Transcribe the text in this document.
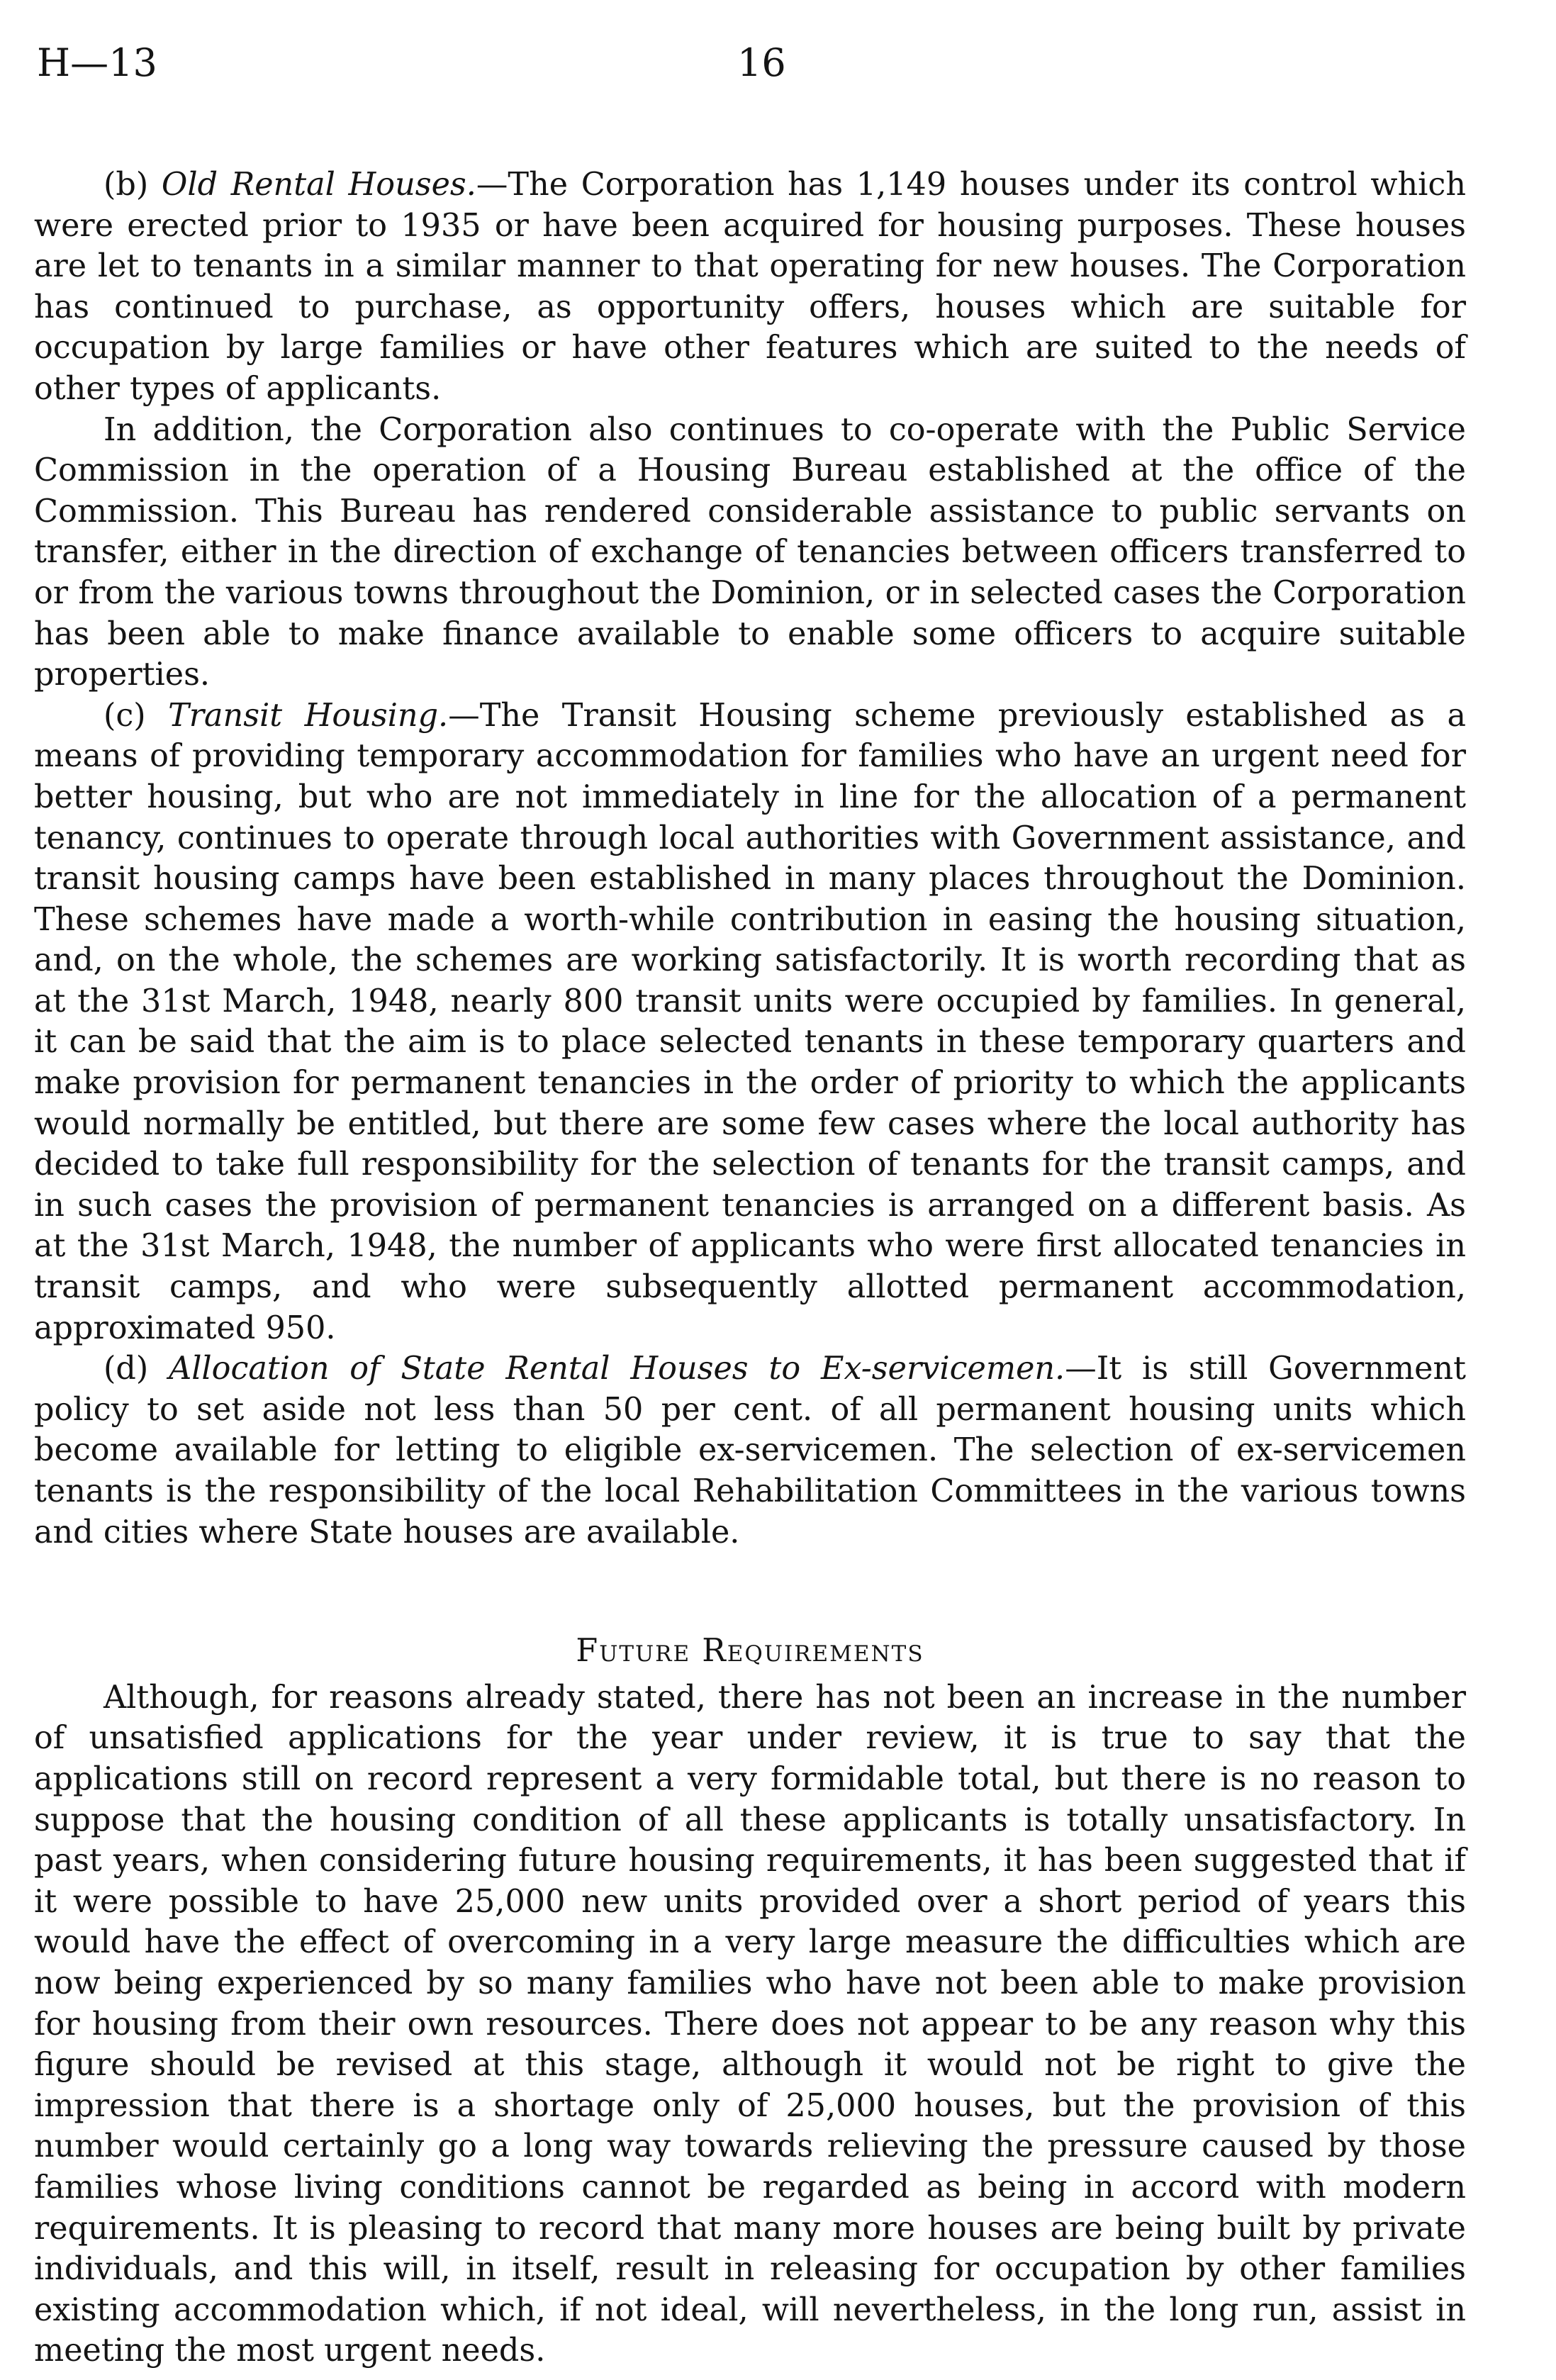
H—13	16

(b) Old Rental Houses.—The Corporation has 1,149 houses under its control which were erected prior to 1935 or have been acquired for housing purposes. These houses are let to tenants in a similar manner to that operating for new houses. The Corporation has continued to purchase, as opportunity offers, houses which are suitable for occupation by large families or have other features which are suited to the needs of other types of applicants.

In addition, the Corporation also continues to co-operate with the Public Service Commission in the operation of a Housing Bureau established at the office of the Commission. This Bureau has rendered considerable assistance to public servants on transfer, either in the direction of exchange of tenancies between officers transferred to or from the various towns throughout the Dominion, or in selected cases the Corporation has been able to make finance available to enable some officers to acquire suitable properties.

(c) Transit Housing.—The Transit Housing scheme previously established as a means of providing temporary accommodation for families who have an urgent need for better housing, but who are not immediately in line for the allocation of a permanent tenancy, continues to operate through local authorities with Government assistance, and transit housing camps have been established in many places throughout the Dominion. These schemes have made a worth-while contribution in easing the housing situation, and, on the whole, the schemes are working satisfactorily. It is worth recording that as at the 31st March, 1948, nearly 800 transit units were occupied by families. In general, it can be said that the aim is to place selected tenants in these temporary quarters and make provision for permanent tenancies in the order of priority to which the applicants would normally be entitled, but there are some few cases where the local authority has decided to take full responsibility for the selection of tenants for the transit camps, and in such cases the provision of permanent tenancies is arranged on a different basis. As at the 31st March, 1948, the number of applicants who were first allocated tenancies in transit camps, and who were subsequently allotted permanent accommodation, approximated 950.

(d) Allocation of State Rental Houses to Ex-servicemen.—It is still Government policy to set aside not less than 50 per cent. of all permanent housing units which become available for letting to eligible ex-servicemen. The selection of ex-servicemen tenants is the responsibility of the local Rehabilitation Committees in the various towns and cities where State houses are available.

Future Requirements

Although, for reasons already stated, there has not been an increase in the number of unsatisfied applications for the year under review, it is true to say that the applications still on record represent a very formidable total, but there is no reason to suppose that the housing condition of all these applicants is totally unsatisfactory. In past years, when considering future housing requirements, it has been suggested that if it were possible to have 25,000 new units provided over a short period of years this would have the effect of overcoming in a very large measure the difficulties which are now being experienced by so many families who have not been able to make provision for housing from their own resources. There does not appear to be any reason why this figure should be revised at this stage, although it would not be right to give the impression that there is a shortage only of 25,000 houses, but the provision of this number would certainly go a long way towards relieving the pressure caused by those families whose living conditions cannot be regarded as being in accord with modern requirements. It is pleasing to record that many more houses are being built by private individuals, and this will, in itself, result in releasing for occupation by other families existing accommodation which, if not ideal, will nevertheless, in the long run, assist in meeting the most urgent needs.
